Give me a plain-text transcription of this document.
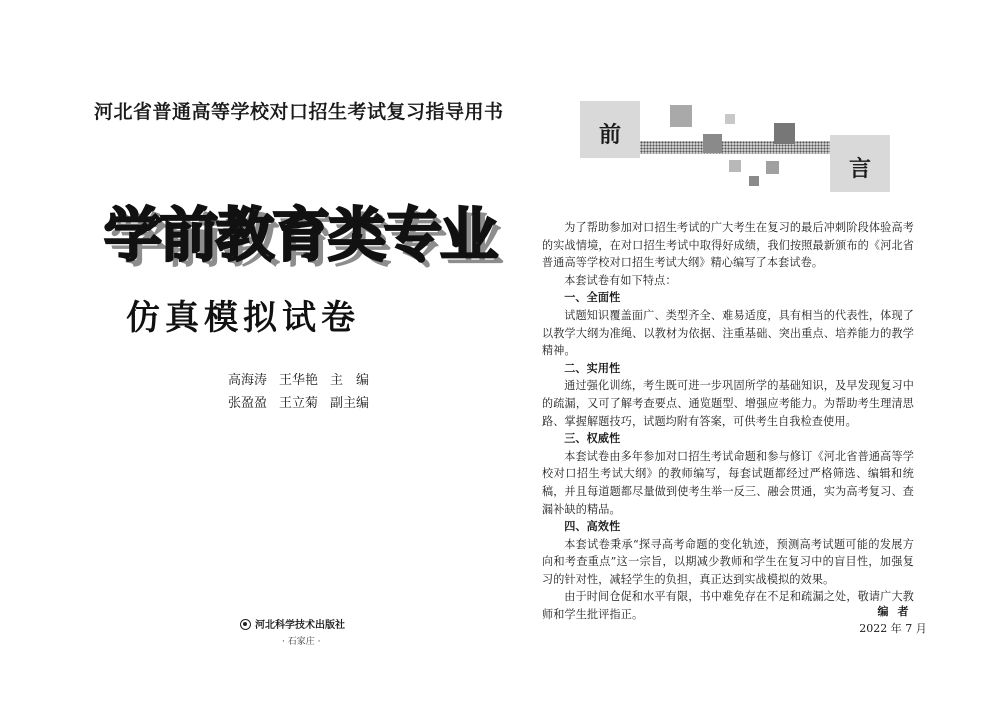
河北省普通高等学校对口招生考试复习指导用书
学前教育类专业
仿真模拟试卷
高海涛 王华艳 主　编
张盈盈 王立菊 副主编
河北科学技术出版社
· 石家庄 ·
前
言

为了帮助参加对口招生考试的广大考生在复习的最后冲刺阶段体验高考的实战情境，在对口招生考试中取得好成绩，我们按照最新颁布的《河北省普通高等学校对口招生考试大纲》精心编写了本套试卷。

本套试卷有如下特点：

一、全面性

试题知识覆盖面广、类型齐全、难易适度，具有相当的代表性，体现了以教学大纲为准绳、以教材为依据、注重基础、突出重点、培养能力的教学精神。

二、实用性

通过强化训练，考生既可进一步巩固所学的基础知识，及早发现复习中的疏漏，又可了解考查要点、通览题型、增强应考能力。为帮助考生理清思路、掌握解题技巧，试题均附有答案，可供考生自我检查使用。

三、权威性

本套试卷由多年参加对口招生考试命题和参与修订《河北省普通高等学校对口招生考试大纲》的教师编写，每套试题都经过严格筛选、编辑和统稿，并且每道题都尽量做到使考生举一反三、融会贯通，实为高考复习、查漏补缺的精品。

四、高效性

本套试卷秉承“探寻高考命题的变化轨迹，预测高考试题可能的发展方向和考查重点”这一宗旨，以期减少教师和学生在复习中的盲目性，加强复习的针对性，减轻学生的负担，真正达到实战模拟的效果。

由于时间仓促和水平有限，书中难免存在不足和疏漏之处，敬请广大教师和学生批评指正。	编者
2022 年 7 月
